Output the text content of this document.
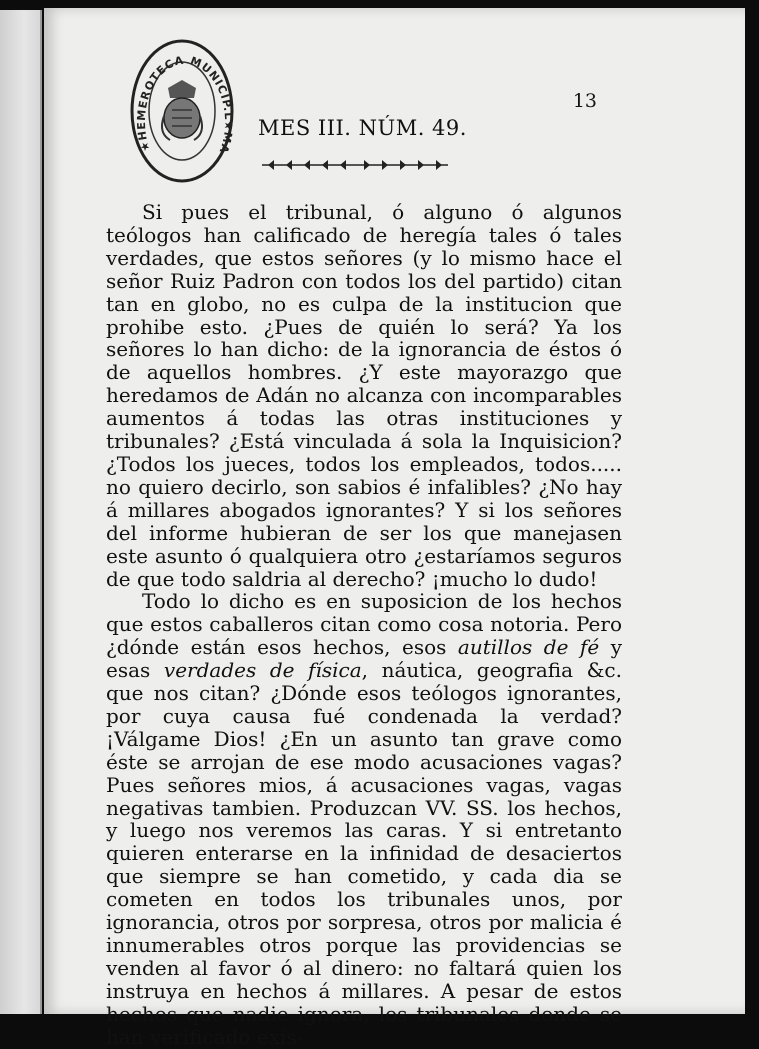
★HEMEROTECA MUNICIP.L★MA
13
MES III. NÚM. 49.

Si pues el tribunal, ó alguno ó algunos teólogos han calificado de heregía tales ó tales verdades, que estos señores (y lo mismo hace el señor Ruiz Padron con todos los del partido) citan tan en globo, no es culpa de la institucion que prohibe esto. ¿Pues de quién lo será? Ya los señores lo han dicho: de la ignorancia de éstos ó de aquellos hombres. ¿Y este mayorazgo que heredamos de Adán no alcanza con incomparables aumentos á todas las otras instituciones y tribunales? ¿Está vinculada á sola la Inquisicion? ¿Todos los jueces, todos los empleados, todos..... no quiero decirlo, son sabios é infalibles? ¿No hay á millares abogados ignorantes? Y si los señores del informe hubieran de ser los que manejasen este asunto ó qualquiera otro ¿estaríamos seguros de que todo saldria al derecho? ¡mucho lo dudo!

Todo lo dicho es en suposicion de los hechos que estos caballeros citan como cosa notoria. Pero ¿dónde están esos hechos, esos autillos de fé y esas verdades de física, náutica, geografia &c. que nos citan? ¿Dónde esos teólogos ignorantes, por cuya causa fué condenada la verdad? ¡Válgame Dios! ¿En un asunto tan grave como éste se arrojan de ese modo acusaciones vagas? Pues señores mios, á acusaciones vagas, vagas negativas tambien. Produzcan VV. SS. los hechos, y luego nos veremos las caras. Y si entretanto quieren enterarse en la infinidad de desaciertos que siempre se han cometido, y cada dia se cometen en todos los tribunales unos, por ignorancia, otros por sorpresa, otros por malicia é innumerables otros porque las providencias se venden al favor ó al dinero: no faltará quien los instruya en hechos á millares. A pesar de estos hechos que nadie ignora, los tribunales donde se han verificado exis-
